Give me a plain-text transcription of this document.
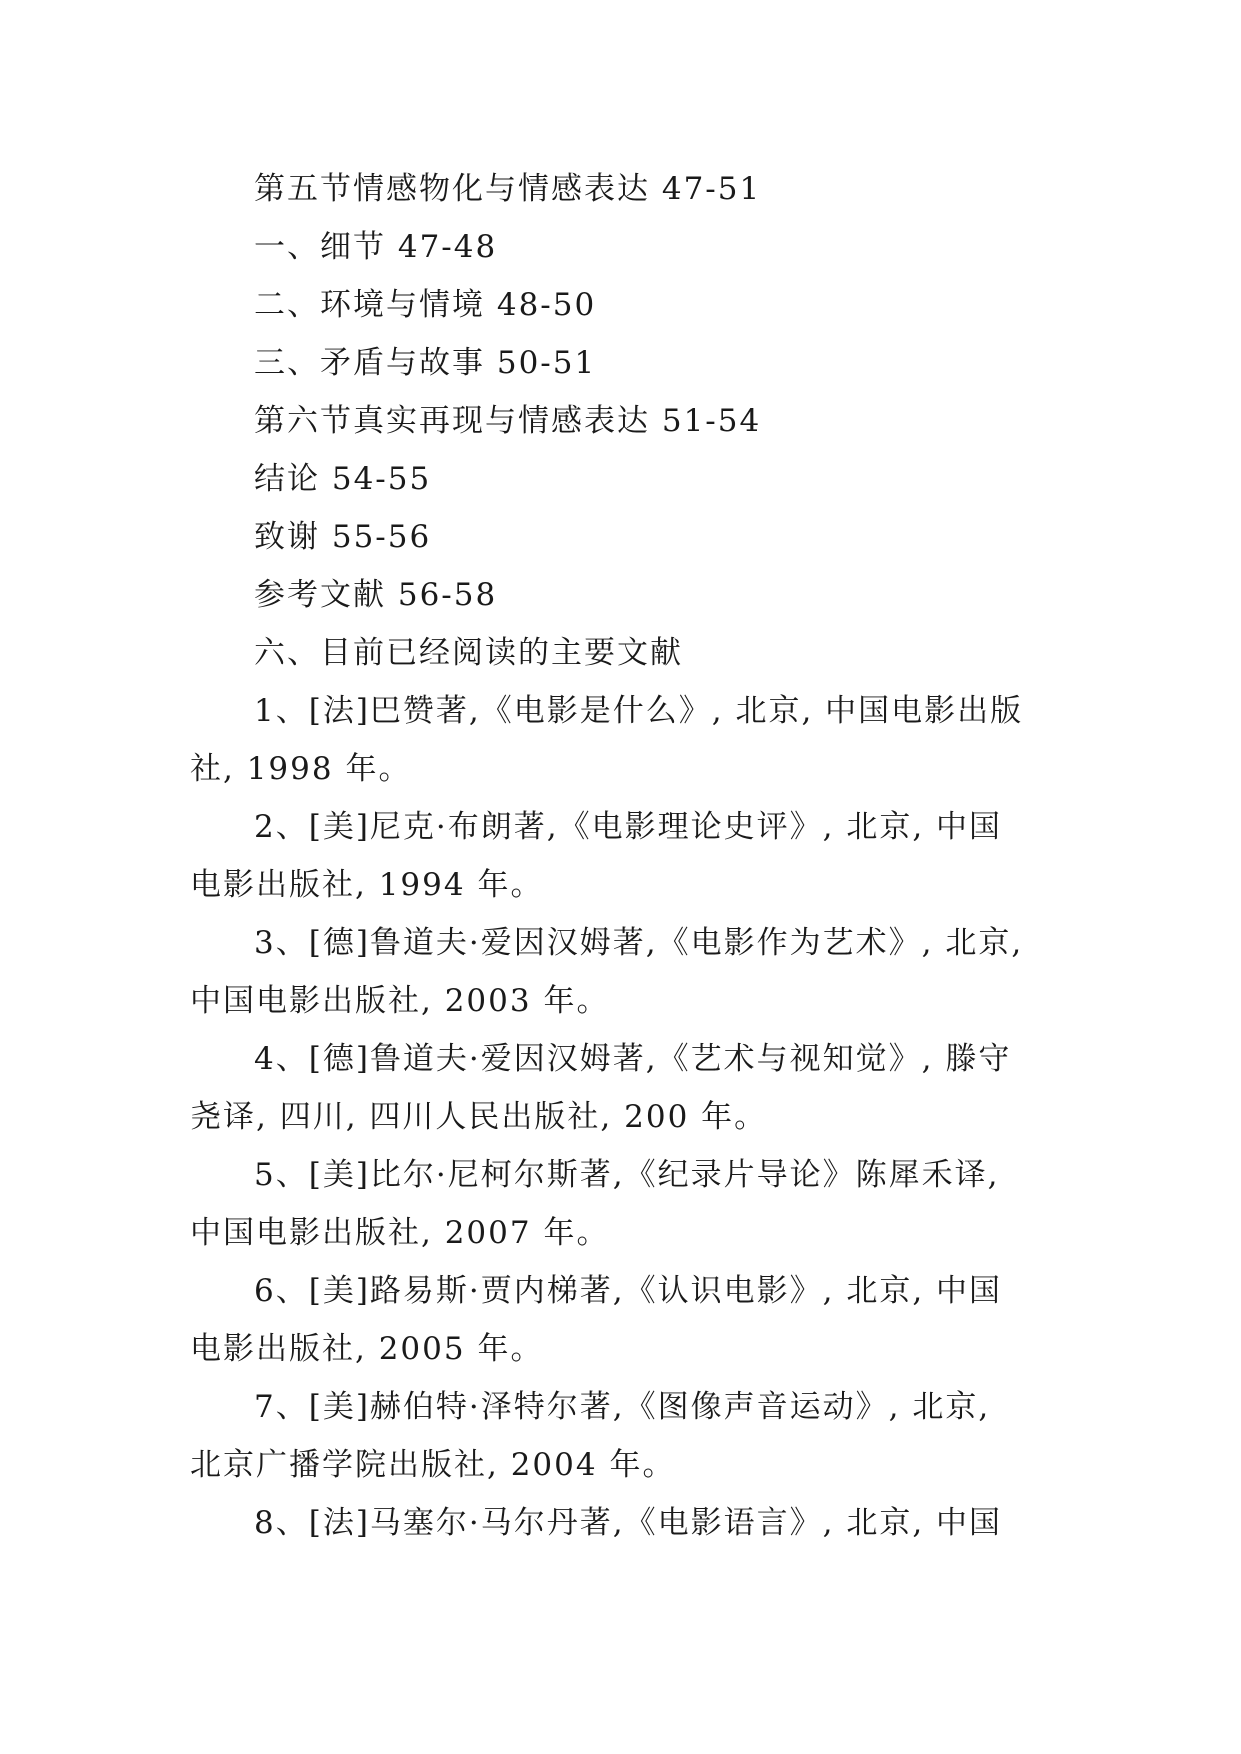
第五节情感物化与情感表达 47-51
一、细节 47-48
二、环境与情境 48-50
三、矛盾与故事 50-51
第六节真实再现与情感表达 51-54
结论 54-55
致谢 55-56
参考文献 56-58
六、目前已经阅读的主要文献
1、[法]巴赞著,《电影是什么》, 北京, 中国电影出版
社, 1998 年。
2、[美]尼克·布朗著,《电影理论史评》, 北京, 中国
电影出版社, 1994 年。
3、[德]鲁道夫·爱因汉姆著,《电影作为艺术》, 北京,
中国电影出版社, 2003 年。
4、[德]鲁道夫·爱因汉姆著,《艺术与视知觉》, 滕守
尧译, 四川, 四川人民出版社, 200 年。
5、[美]比尔·尼柯尔斯著,《纪录片导论》陈犀禾译,
中国电影出版社, 2007 年。
6、[美]路易斯·贾内梯著,《认识电影》, 北京, 中国
电影出版社, 2005 年。
7、[美]赫伯特·泽特尔著,《图像声音运动》, 北京,
北京广播学院出版社, 2004 年。
8、[法]马塞尔·马尔丹著,《电影语言》, 北京, 中国
